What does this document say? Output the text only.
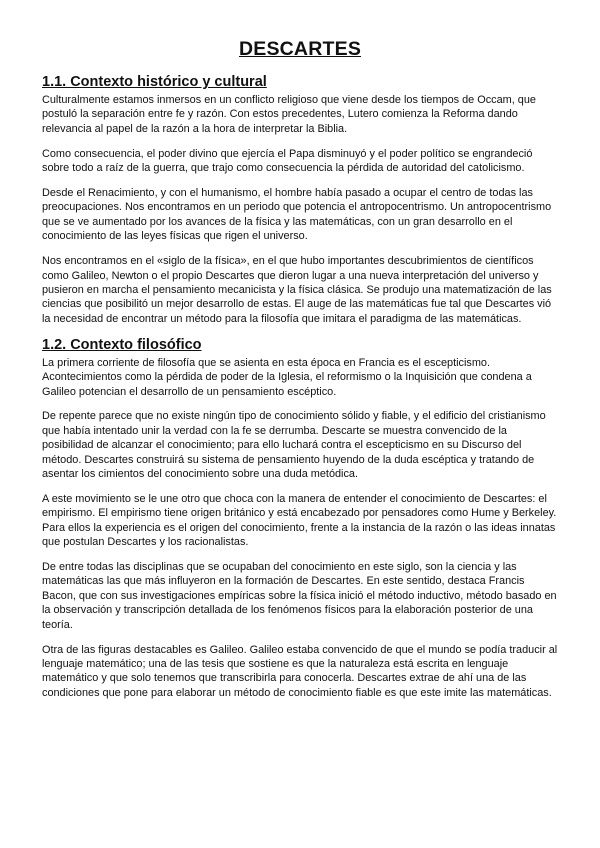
DESCARTES
1.1. Contexto histórico y cultural

Culturalmente estamos inmersos en un conflicto religioso que viene desde los tiempos de Occam, que postuló la separación entre fe y razón. Con estos precedentes, Lutero comienza la Reforma dando relevancia al papel de la razón a la hora de interpretar la Biblia.

Como consecuencia, el poder divino que ejercía el Papa disminuyó y el poder político se engrandeció sobre todo a raíz de la guerra, que trajo como consecuencia la pérdida de autoridad del catolicismo.

Desde el Renacimiento, y con el humanismo, el hombre había pasado a ocupar el centro de todas las preocupaciones. Nos encontramos en un periodo que potencia el antropocentrismo. Un antropocentrismo que se ve aumentado por los avances de la física y las matemáticas, con un gran desarrollo en el conocimiento de las leyes físicas que rigen el universo.

Nos encontramos en el «siglo de la física», en el que hubo importantes descubrimientos de científicos como Galileo, Newton o el propio Descartes que dieron lugar a una nueva interpretación del universo y pusieron en marcha el pensamiento mecanicista y la física clásica. Se produjo una matematización de las ciencias que posibilitó un mejor desarrollo de estas. El auge de las matemáticas fue tal que Descartes vió la necesidad de encontrar un método para la filosofía que imitara el paradigma de las matemáticas.

1.2. Contexto filosófico

La primera corriente de filosofía que se asienta en esta época en Francia es el escepticismo. Acontecimientos como la pérdida de poder de la Iglesia, el reformismo o la Inquisición que condena a Galileo potencian el desarrollo de un pensamiento escéptico.

De repente parece que no existe ningún tipo de conocimiento sólido y fiable, y el edificio del cristianismo que había intentado unir la verdad con la fe se derrumba. Descarte se muestra convencido de la posibilidad de alcanzar el conocimiento; para ello luchará contra el escepticismo en su Discurso del método. Descartes construirá su sistema de pensamiento huyendo de la duda escéptica y tratando de asentar los cimientos del conocimiento sobre una duda metódica.

A este movimiento se le une otro que choca con la manera de entender el conocimiento de Descartes: el empirismo. El empirismo tiene origen británico y está encabezado por pensadores como Hume y Berkeley. Para ellos la experiencia es el origen del conocimiento, frente a la instancia de la razón o las ideas innatas que postulan Descartes y los racionalistas.

De entre todas las disciplinas que se ocupaban del conocimiento en este siglo, son la ciencia y las matemáticas las que más influyeron en la formación de Descartes. En este sentido, destaca Francis Bacon, que con sus investigaciones empíricas sobre la física inició el método inductivo, método basado en la observación y transcripción detallada de los fenómenos físicos para la elaboración posterior de una teoría.

Otra de las figuras destacables es Galileo. Galileo estaba convencido de que el mundo se podía traducir al lenguaje matemático; una de las tesis que sostiene es que la naturaleza está escrita en lenguaje matemático y que solo tenemos que transcribirla para conocerla. Descartes extrae de ahí una de las condiciones que pone para elaborar un método de conocimiento fiable es que este imite las matemáticas.
